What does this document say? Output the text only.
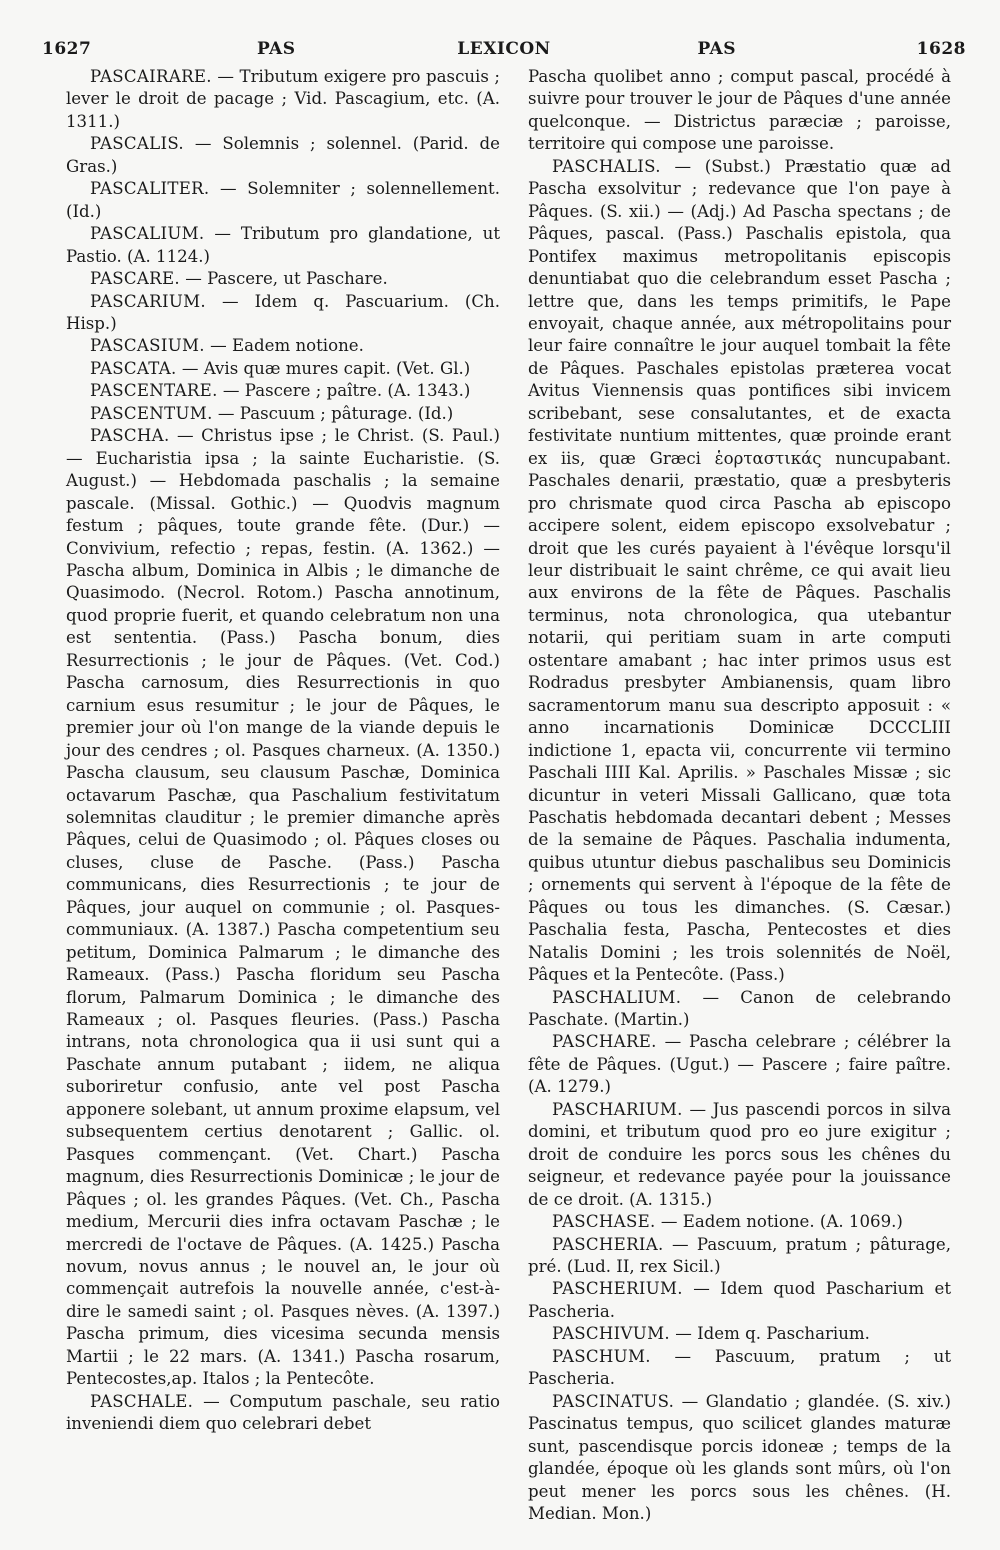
1627	PAS	LEXICON	PAS	1628

PASCAIRARE. — Tributum exigere pro pascuis ; lever le droit de pacage ; Vid. Pascagium, etc. (A. 1311.)

PASCALIS. — Solemnis ; solennel. (Parid. de Gras.)

PASCALITER. — Solemniter ; solennellement. (Id.)

PASCALIUM. — Tributum pro glandatione, ut Pastio. (A. 1124.)

PASCARE. — Pascere, ut Paschare.

PASCARIUM. — Idem q. Pascuarium. (Ch. Hisp.)

PASCASIUM. — Eadem notione.

PASCATA. — Avis quæ mures capit. (Vet. Gl.)

PASCENTARE. — Pascere ; paître. (A. 1343.)

PASCENTUM. — Pascuum ; pâturage. (Id.)

PASCHA. — Christus ipse ; le Christ. (S. Paul.) — Eucharistia ipsa ; la sainte Eucharistie. (S. August.) — Hebdomada paschalis ; la semaine pascale. (Missal. Gothic.) — Quodvis magnum festum ; pâques, toute grande fête. (Dur.) — Convivium, refectio ; repas, festin. (A. 1362.) — Pascha album, Dominica in Albis ; le dimanche de Quasimodo. (Necrol. Rotom.) Pascha annotinum, quod proprie fuerit, et quando celebratum non una est sententia. (Pass.) Pascha bonum, dies Resurrectionis ; le jour de Pâques. (Vet. Cod.) Pascha carnosum, dies Resurrectionis in quo carnium esus resumitur ; le jour de Pâques, le premier jour où l'on mange de la viande depuis le jour des cendres ; ol. Pasques charneux. (A. 1350.) Pascha clausum, seu clausum Paschæ, Dominica octavarum Paschæ, qua Paschalium festivitatum solemnitas clauditur ; le premier dimanche après Pâques, celui de Quasimodo ; ol. Pâques closes ou cluses, cluse de Pasche. (Pass.) Pascha communicans, dies Resurrectionis ; te jour de Pâques, jour auquel on communie ; ol. Pasques-communiaux. (A. 1387.) Pascha competentium seu petitum, Dominica Palmarum ; le dimanche des Rameaux. (Pass.) Pascha floridum seu Pascha florum, Palmarum Dominica ; le dimanche des Rameaux ; ol. Pasques fleuries. (Pass.) Pascha intrans, nota chronologica qua ii usi sunt qui a Paschate annum putabant ; iidem, ne aliqua suboriretur confusio, ante vel post Pascha apponere solebant, ut annum proxime elapsum, vel subsequentem certius denotarent ; Gallic. ol. Pasques commençant. (Vet. Chart.) Pascha magnum, dies Resurrectionis Dominicæ ; le jour de Pâques ; ol. les grandes Pâques. (Vet. Ch., Pascha medium, Mercurii dies infra octavam Paschæ ; le mercredi de l'octave de Pâques. (A. 1425.) Pascha novum, novus annus ; le nouvel an, le jour où commençait autrefois la nouvelle année, c'est-à-dire le samedi saint ; ol. Pasques nèves. (A. 1397.) Pascha primum, dies vicesima secunda mensis Martii ; le 22 mars. (A. 1341.) Pascha rosarum, Pentecostes,ap. Italos ; la Pentecôte.

PASCHALE. — Computum paschale, seu ratio inveniendi diem quo celebrari debet

Pascha quolibet anno ; comput pascal, procédé à suivre pour trouver le jour de Pâques d'une année quelconque. — Districtus paræciæ ; paroisse, territoire qui compose une paroisse.

PASCHALIS. — (Subst.) Præstatio quæ ad Pascha exsolvitur ; redevance que l'on paye à Pâques. (S. xii.) — (Adj.) Ad Pascha spectans ; de Pâques, pascal. (Pass.) Paschalis epistola, qua Pontifex maximus metropolitanis episcopis denuntiabat quo die celebrandum esset Pascha ; lettre que, dans les temps primitifs, le Pape envoyait, chaque année, aux métropolitains pour leur faire connaître le jour auquel tombait la fête de Pâques. Paschales epistolas præterea vocat Avitus Viennensis quas pontifices sibi invicem scribebant, sese consalutantes, et de exacta festivitate nuntium mittentes, quæ proinde erant ex iis, quæ Græci ἑορταστικάς nuncupabant. Paschales denarii, præstatio, quæ a presbyteris pro chrismate quod circa Pascha ab episcopo accipere solent, eidem episcopo exsolvebatur ; droit que les curés payaient à l'évêque lorsqu'il leur distribuait le saint chrême, ce qui avait lieu aux environs de la fête de Pâques. Paschalis terminus, nota chronologica, qua utebantur notarii, qui peritiam suam in arte computi ostentare amabant ; hac inter primos usus est Rodradus presbyter Ambianensis, quam libro sacramentorum manu sua descripto apposuit : « anno incarnationis Dominicæ DCCCLIII indictione 1, epacta vii, concurrente vii termino Paschali IIII Kal. Aprilis. » Paschales Missæ ; sic dicuntur in veteri Missali Gallicano, quæ tota Paschatis hebdomada decantari debent ; Messes de la semaine de Pâques. Paschalia indumenta, quibus utuntur diebus paschalibus seu Dominicis ; ornements qui servent à l'époque de la fête de Pâques ou tous les dimanches. (S. Cæsar.) Paschalia festa, Pascha, Pentecostes et dies Natalis Domini ; les trois solennités de Noël, Pâques et la Pentecôte. (Pass.)

PASCHALIUM. — Canon de celebrando Paschate. (Martin.)

PASCHARE. — Pascha celebrare ; célébrer la fête de Pâques. (Ugut.) — Pascere ; faire paître. (A. 1279.)

PASCHARIUM. — Jus pascendi porcos in silva domini, et tributum quod pro eo jure exigitur ; droit de conduire les porcs sous les chênes du seigneur, et redevance payée pour la jouissance de ce droit. (A. 1315.)

PASCHASE. — Eadem notione. (A. 1069.)

PASCHERIA. — Pascuum, pratum ; pâturage, pré. (Lud. II, rex Sicil.)

PASCHERIUM. — Idem quod Pascharium et Pascheria.

PASCHIVUM. — Idem q. Pascharium.

PASCHUM. — Pascuum, pratum ; ut Pascheria.

PASCINATUS. — Glandatio ; glandée. (S. xiv.) Pascinatus tempus, quo scilicet glandes maturæ sunt, pascendisque porcis idoneæ ; temps de la glandée, époque où les glands sont mûrs, où l'on peut mener les porcs sous les chênes. (H. Median. Mon.)
